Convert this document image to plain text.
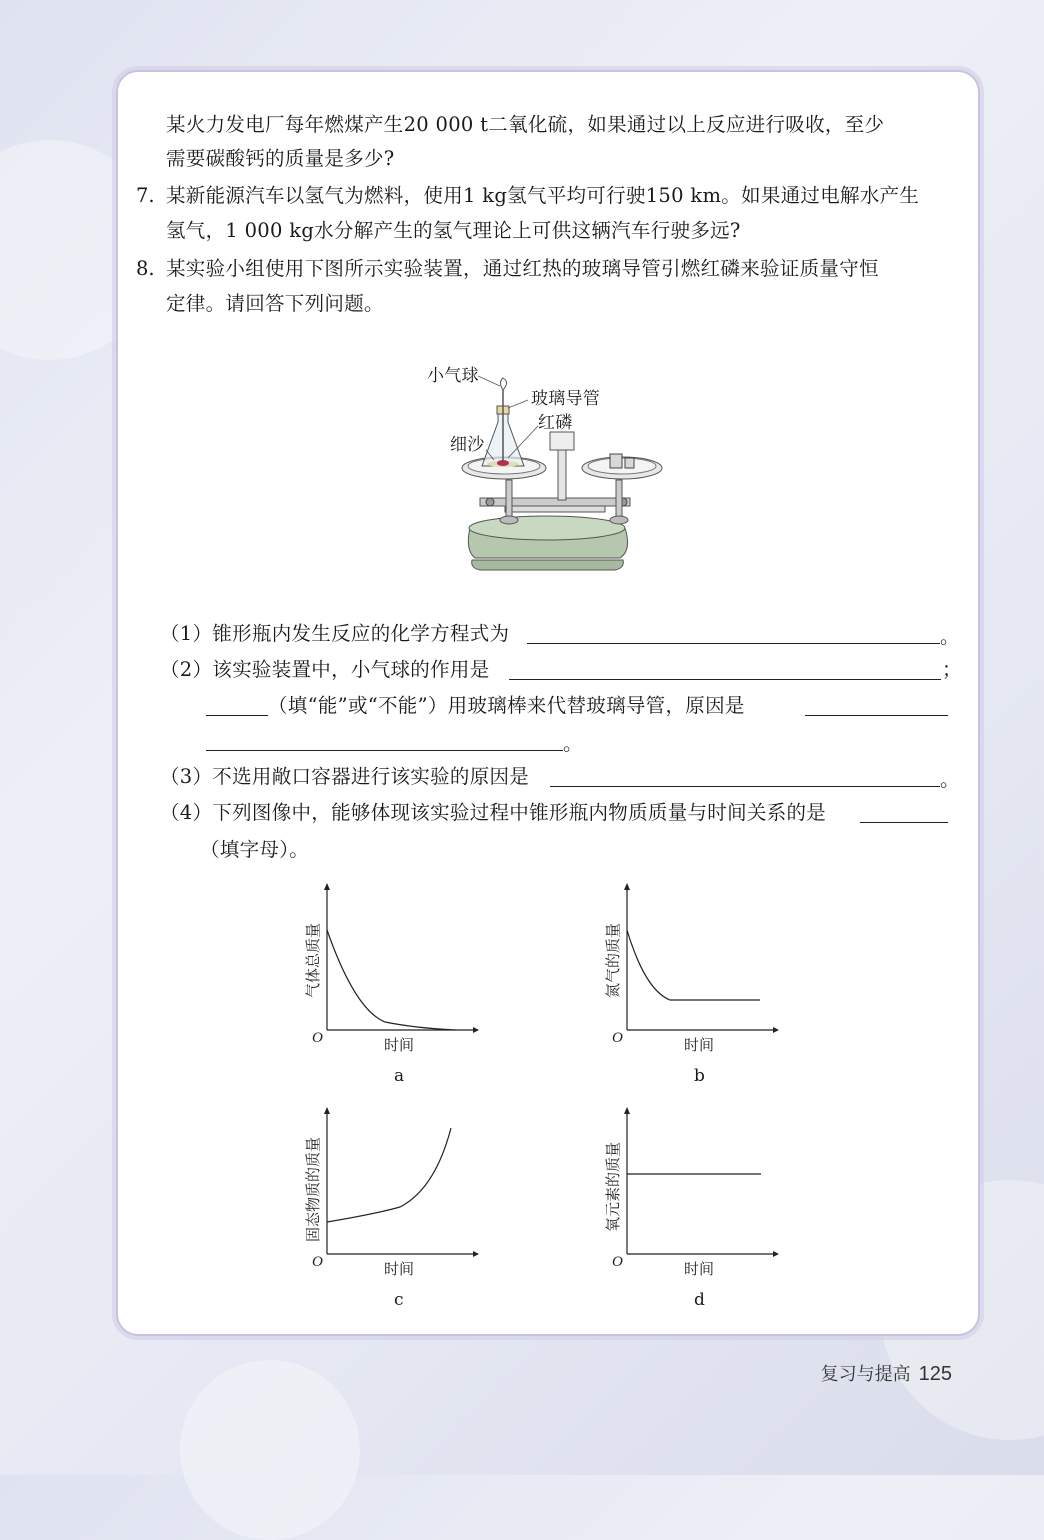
某火力发电厂每年燃煤产生20 000 t二氧化硫，如果通过以上反应进行吸收，至少
需要碳酸钙的质量是多少?
7. 某新能源汽车以氢气为燃料，使用1 kg氢气平均可行驶150 km。如果通过电解水产生
氢气，1 000 kg水分解产生的氢气理论上可供这辆汽车行驶多远?
8. 某实验小组使用下图所示实验装置，通过红热的玻璃导管引燃红磷来验证质量守恒
定律。请回答下列问题。
小气球
玻璃导管
红磷
细沙
（1）锥形瓶内发生反应的化学方程式为	。
（2）该实验装置中，小气球的作用是	；
（填“能”或“不能”）用玻璃棒来代替玻璃导管，原因是
。
（3）不选用敞口容器进行该实验的原因是	。
（4）下列图像中，能够体现该实验过程中锥形瓶内物质质量与时间关系的是
（填字母）。
O	时间
气体总质量
a
O	时间
氮气的质量
b
O	时间
固态物质的质量
c
O	时间
氧元素的质量
d
复习与提高 125
